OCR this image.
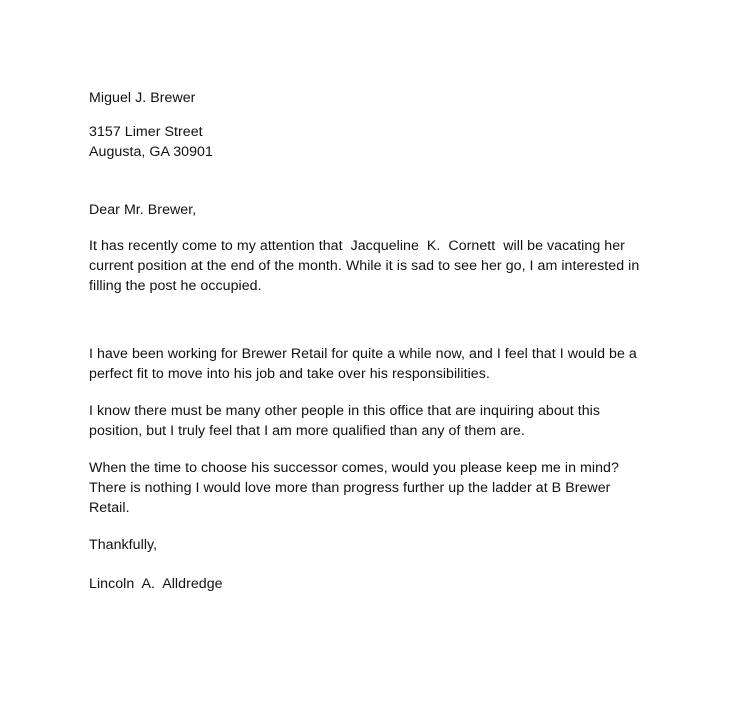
Miguel J. Brewer

3157 Limer Street

Augusta, GA 30901

Dear Mr. Brewer,

It has recently come to my attention that  Jacqueline  K.  Cornett  will be vacating her current position at the end of the month. While it is sad to see her go, I am interested in filling the post he occupied.

I have been working for Brewer Retail for quite a while now, and I feel that I would be a perfect fit to move into his job and take over his responsibilities.

I know there must be many other people in this office that are inquiring about this position, but I truly feel that I am more qualified than any of them are.

When the time to choose his successor comes, would you please keep me in mind? There is nothing I would love more than progress further up the ladder at B Brewer Retail.

Thankfully,

Lincoln  A.  Alldredge
